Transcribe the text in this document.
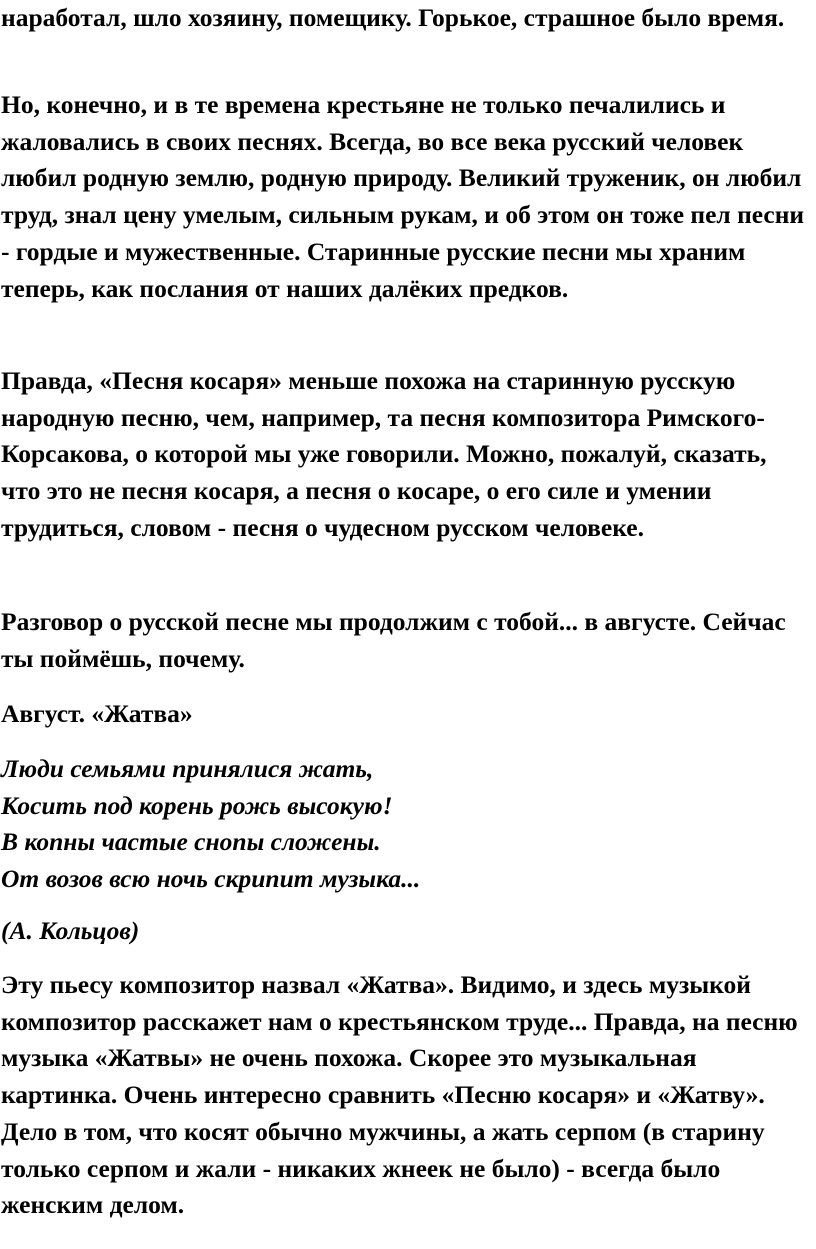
наработал, шло хозяину, помещику. Горькое, страшное было время.

Но, конечно, и в те времена крестьяне не только печалились и жаловались в своих песнях. Всегда, во все века русский человек любил родную землю, родную природу. Великий труженик, он любил труд, знал цену умелым, сильным рукам, и об этом он тоже пел песни - гордые и мужественные. Старинные русские песни мы храним теперь, как послания от наших далёких предков.

Правда, «Песня косаря» меньше похожа на старинную русскую народную песню, чем, например, та песня композитора Римского-Корсакова, о которой мы уже говорили. Можно, пожалуй, сказать, что это не песня косаря, а песня о косаре, о его силе и умении трудиться, словом - песня о чудесном русском человеке.

Разговор о русской песне мы продолжим с тобой... в августе. Сейчас ты поймёшь, почему.

Август. «Жатва»

Люди семьями принялися жать,
Косить под корень рожь высокую!
В копны частые снопы сложены.
От возов всю ночь скрипит музыка...

(А. Кольцов)

Эту пьесу композитор назвал «Жатва». Видимо, и здесь музыкой композитор расскажет нам о крестьянском труде... Правда, на песню музыка «Жатвы» не очень похожа. Скорее это музыкальная картинка. Очень интересно сравнить «Песню косаря» и «Жатву». Дело в том, что косят обычно мужчины, а жать серпом (в старину только серпом и жали - никаких жнеек не было) - всегда было женским делом.
